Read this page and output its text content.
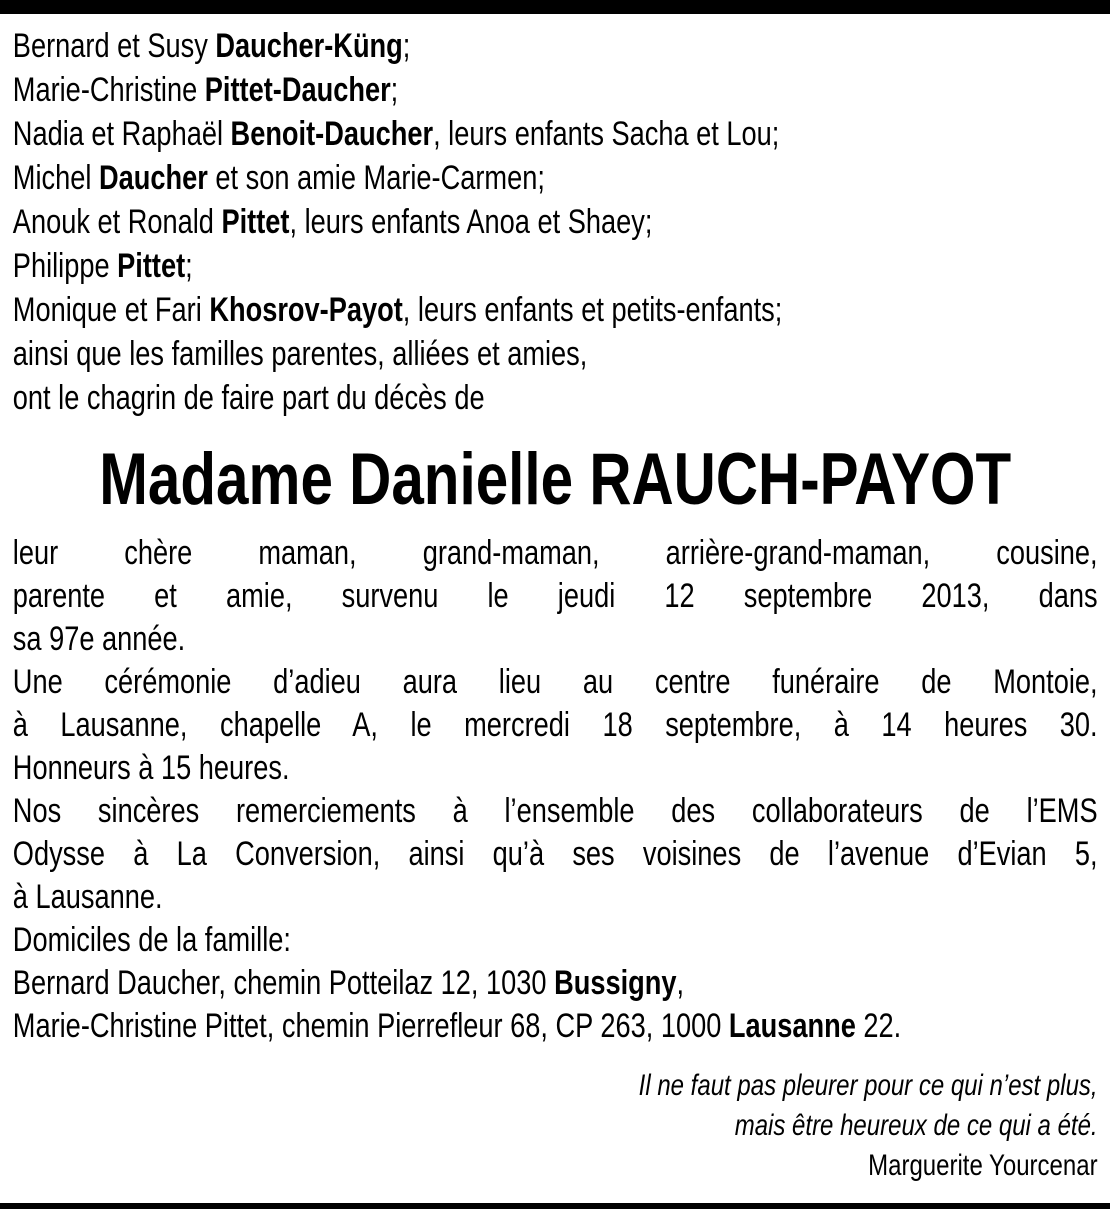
Bernard et Susy Daucher-Küng;
Marie-Christine Pittet-Daucher;
Nadia et Raphaël Benoit-Daucher, leurs enfants Sacha et Lou;
Michel Daucher et son amie Marie-Carmen;
Anouk et Ronald Pittet, leurs enfants Anoa et Shaey;
Philippe Pittet;
Monique et Fari Khosrov-Payot, leurs enfants et petits-enfants;
ainsi que les familles parentes, alliées et amies,
ont le chagrin de faire part du décès de
Madame Danielle RAUCH-PAYOT
leur chère maman, grand-maman, arrière-grand-maman, cousine,
parente et amie, survenu le jeudi 12 septembre 2013, dans
sa 97e année.
Une cérémonie d’adieu aura lieu au centre funéraire de Montoie,
à Lausanne, chapelle A, le mercredi 18 septembre, à 14 heures 30.
Honneurs à 15 heures.
Nos sincères remerciements à l’ensemble des collaborateurs de l’EMS
Odysse à La Conversion, ainsi qu’à ses voisines de l’avenue d’Evian 5,
à Lausanne.
Domiciles de la famille:
Bernard Daucher, chemin Potteilaz 12, 1030 Bussigny,
Marie-Christine Pittet, chemin Pierrefleur 68, CP 263, 1000 Lausanne 22.
Il ne faut pas pleurer pour ce qui n’est plus,
mais être heureux de ce qui a été.
Marguerite Yourcenar
